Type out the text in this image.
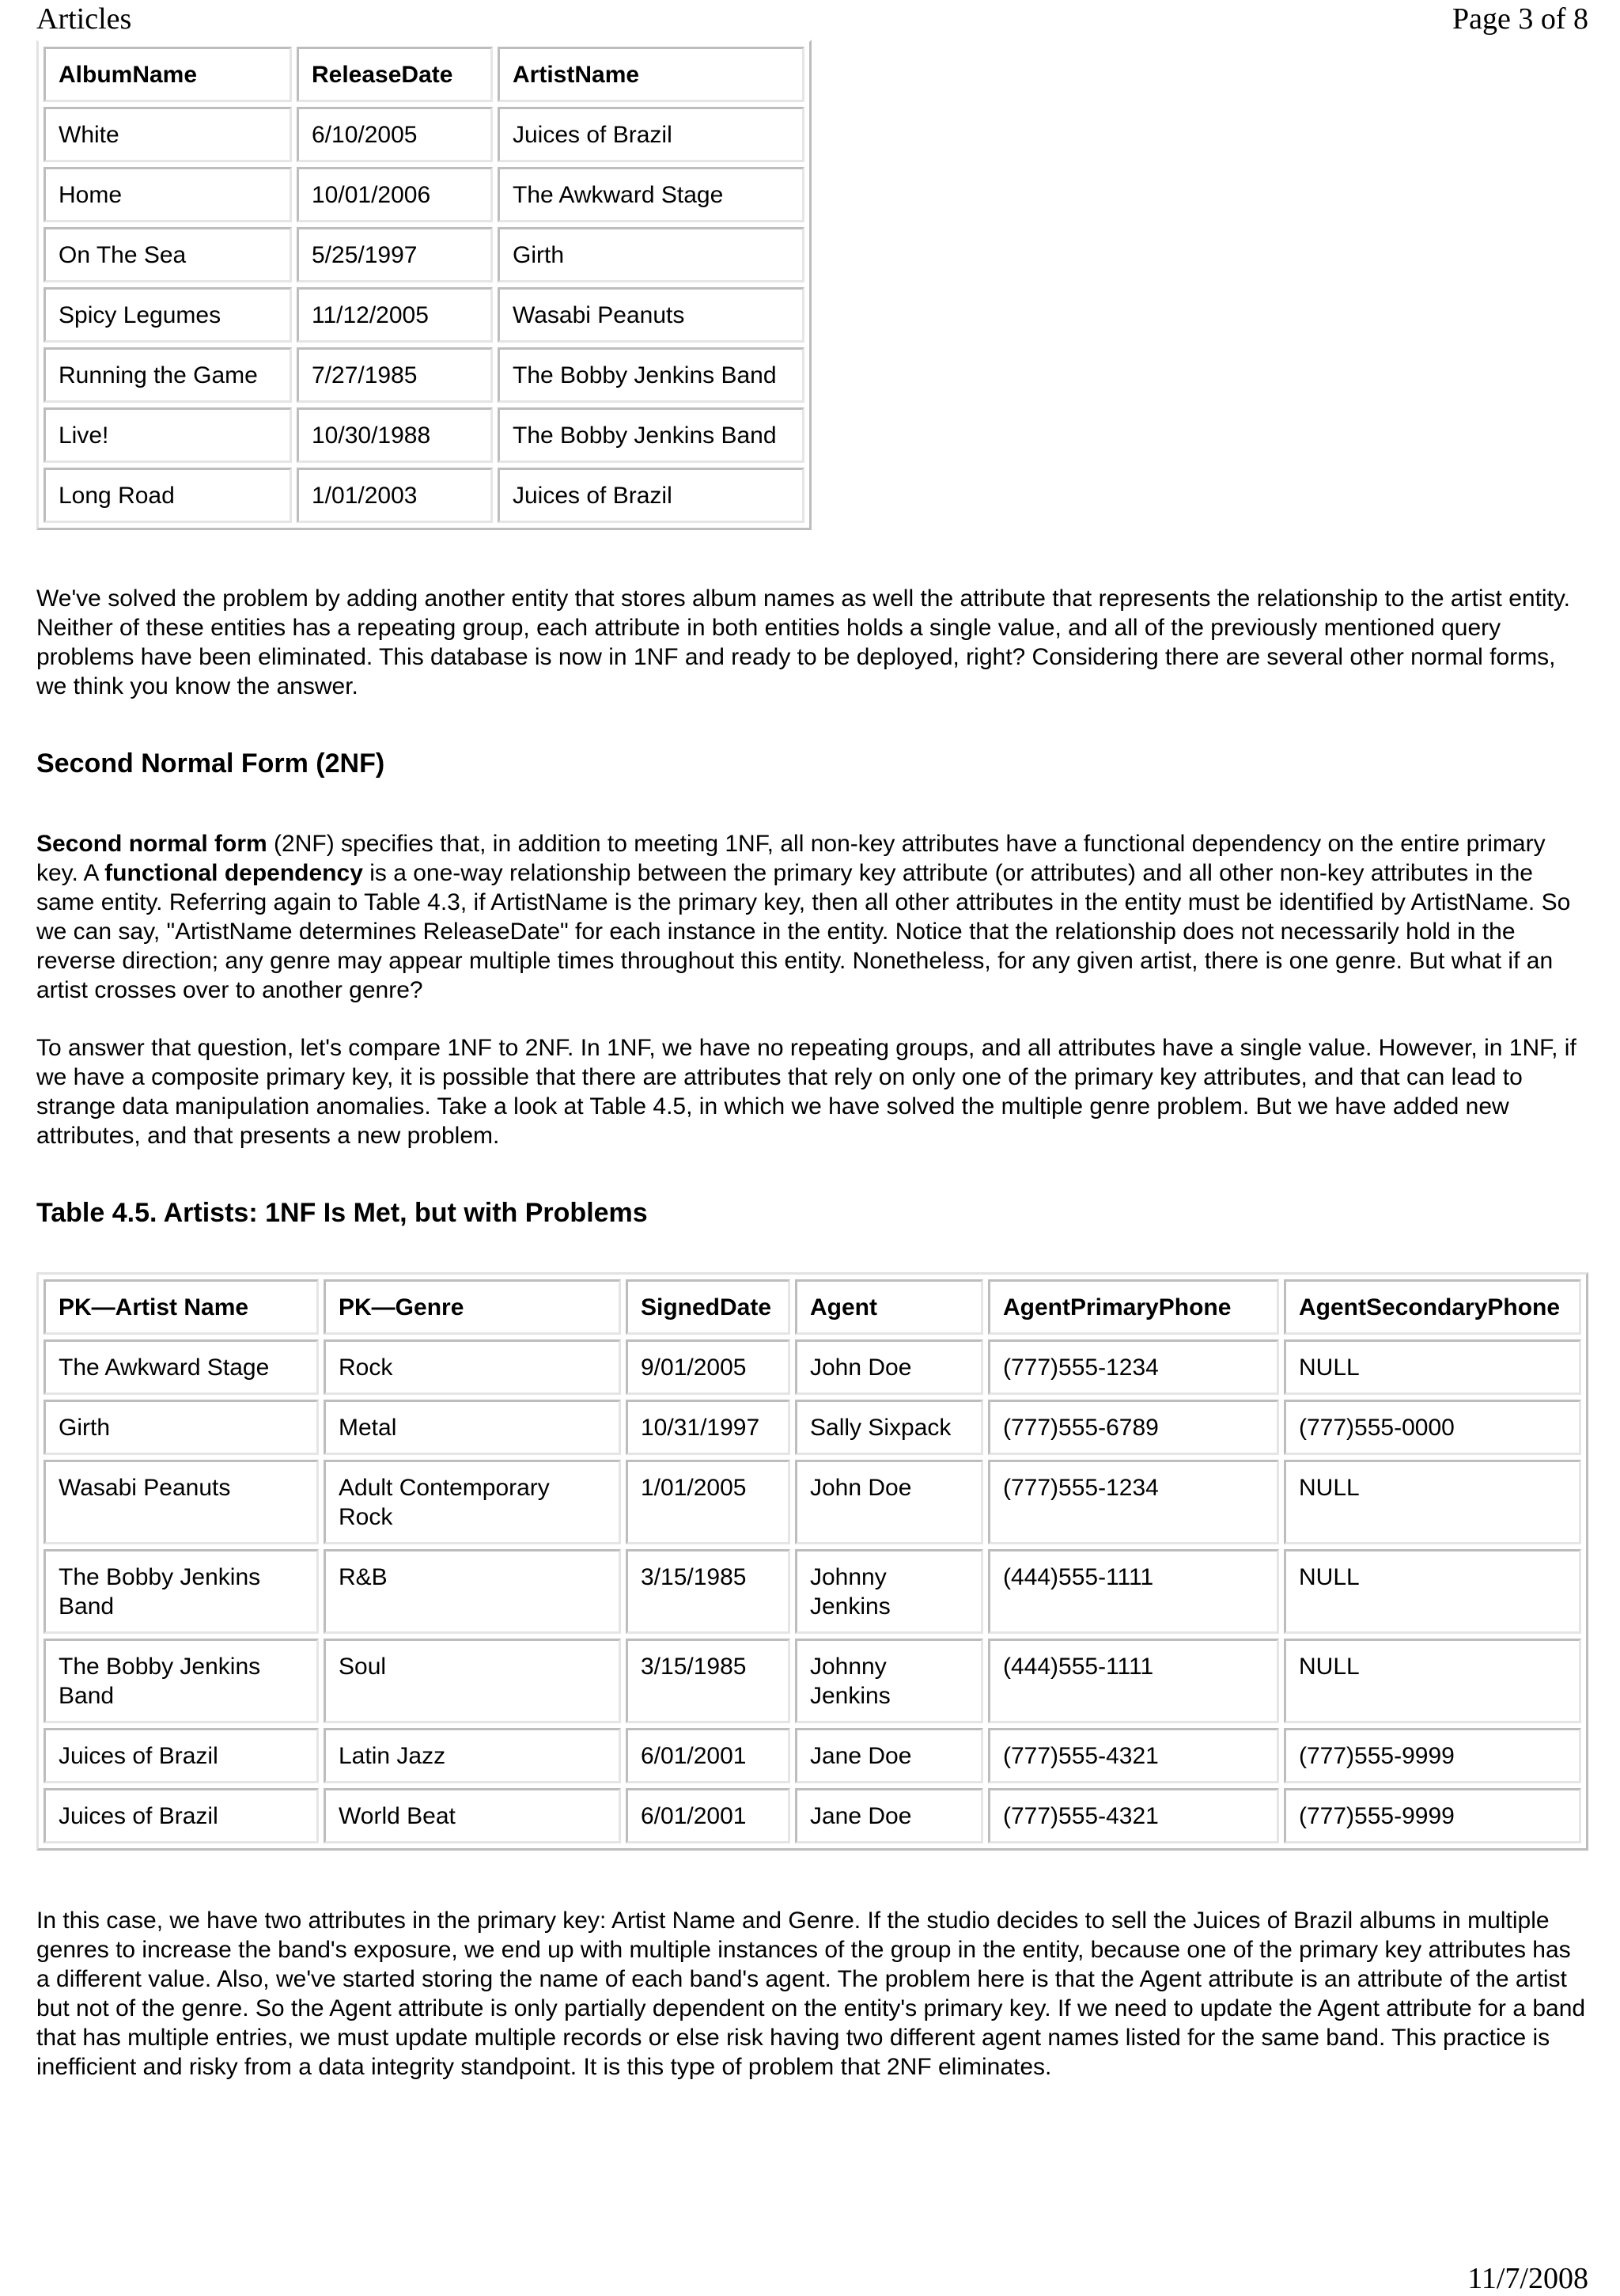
Articles	Page 3 of 8
AlbumName	ReleaseDate	ArtistName
White	6/10/2005	Juices of Brazil
Home	10/01/2006	The Awkward Stage
On The Sea	5/25/1997	Girth
Spicy Legumes	11/12/2005	Wasabi Peanuts
Running the Game	7/27/1985	The Bobby Jenkins Band
Live!	10/30/1988	The Bobby Jenkins Band
Long Road	1/01/2003	Juices of Brazil

We've solved the problem by adding another entity that stores album names as well the attribute that represents the relationship to the artist entity. Neither of these entities has a repeating group, each attribute in both entities holds a single value, and all of the previously mentioned query problems have been eliminated. This database is now in 1NF and ready to be deployed, right? Considering there are several other normal forms, we think you know the answer.

Second Normal Form (2NF)

Second normal form (2NF) specifies that, in addition to meeting 1NF, all non-key attributes have a functional dependency on the entire primary key. A functional dependency is a one-way relationship between the primary key attribute (or attributes) and all other non-key attributes in the same entity. Referring again to Table 4.3, if ArtistName is the primary key, then all other attributes in the entity must be identified by ArtistName. So we can say, "ArtistName determines ReleaseDate" for each instance in the entity. Notice that the relationship does not necessarily hold in the reverse direction; any genre may appear multiple times throughout this entity. Nonetheless, for any given artist, there is one genre. But what if an artist crosses over to another genre?

To answer that question, let's compare 1NF to 2NF. In 1NF, we have no repeating groups, and all attributes have a single value. However, in 1NF, if we have a composite primary key, it is possible that there are attributes that rely on only one of the primary key attributes, and that can lead to strange data manipulation anomalies. Take a look at Table 4.5, in which we have solved the multiple genre problem. But we have added new attributes, and that presents a new problem.

Table 4.5. Artists: 1NF Is Met, but with Problems
PK—Artist Name	PK—Genre	SignedDate	Agent	AgentPrimaryPhone	AgentSecondaryPhone
The Awkward Stage	Rock	9/01/2005	John Doe	(777)555-1234	NULL
Girth	Metal	10/31/1997	Sally Sixpack	(777)555-6789	(777)555-0000
Wasabi Peanuts	Adult Contemporary Rock	1/01/2005	John Doe	(777)555-1234	NULL
The Bobby Jenkins Band	R&B	3/15/1985	Johnny Jenkins	(444)555-1111	NULL
The Bobby Jenkins Band	Soul	3/15/1985	Johnny Jenkins	(444)555-1111	NULL
Juices of Brazil	Latin Jazz	6/01/2001	Jane Doe	(777)555-4321	(777)555-9999
Juices of Brazil	World Beat	6/01/2001	Jane Doe	(777)555-4321	(777)555-9999

In this case, we have two attributes in the primary key: Artist Name and Genre. If the studio decides to sell the Juices of Brazil albums in multiple genres to increase the band's exposure, we end up with multiple instances of the group in the entity, because one of the primary key attributes has a different value. Also, we've started storing the name of each band's agent. The problem here is that the Agent attribute is an attribute of the artist but not of the genre. So the Agent attribute is only partially dependent on the entity's primary key. If we need to update the Agent attribute for a band that has multiple entries, we must update multiple records or else risk having two different agent names listed for the same band. This practice is inefficient and risky from a data integrity standpoint. It is this type of problem that 2NF eliminates.

11/7/2008
